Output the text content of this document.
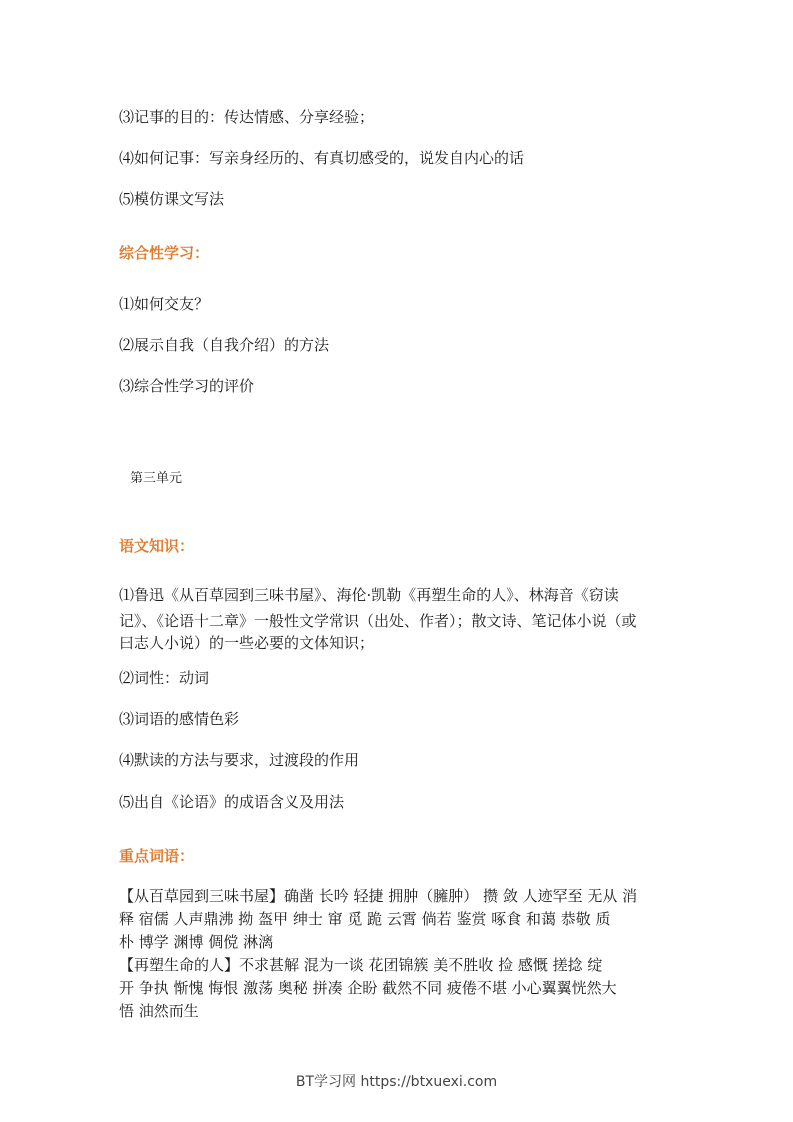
⑶记事的目的：传达情感、分享经验；
⑷如何记事：写亲身经历的、有真切感受的，说发自内心的话
⑸模仿课文写法
综合性学习：
⑴如何交友？
⑵展示自我（自我介绍）的方法
⑶综合性学习的评价
第三单元
语文知识：
⑴鲁迅《从百草园到三味书屋》、海伦·凯勒《再塑生命的人》、林海音《窃读
记》、《论语十二章》一般性文学常识（出处、作者）；散文诗、笔记体小说（或
曰志人小说）的一些必要的文体知识；
⑵词性：动词
⑶词语的感情色彩
⑷默读的方法与要求，过渡段的作用
⑸出自《论语》的成语含义及用法
重点词语：
【从百草园到三味书屋】确凿 长吟 轻捷 拥肿（臃肿） 攒 敛 人迹罕至 无从 消
释 宿儒 人声鼎沸 拗 盔甲 绅士 窜 觅 跪 云霄 倘若 鉴赏 啄食 和蔼 恭敬 质
朴 博学 渊博 倜傥 淋漓
【再塑生命的人】不求甚解 混为一谈 花团锦簇 美不胜收 捡 感慨 搓捻 绽
开 争执 惭愧 悔恨 激荡 奥秘 拼凑 企盼 截然不同 疲倦不堪 小心翼翼恍然大
悟 油然而生
BT学习网 https://btxuexi.com
